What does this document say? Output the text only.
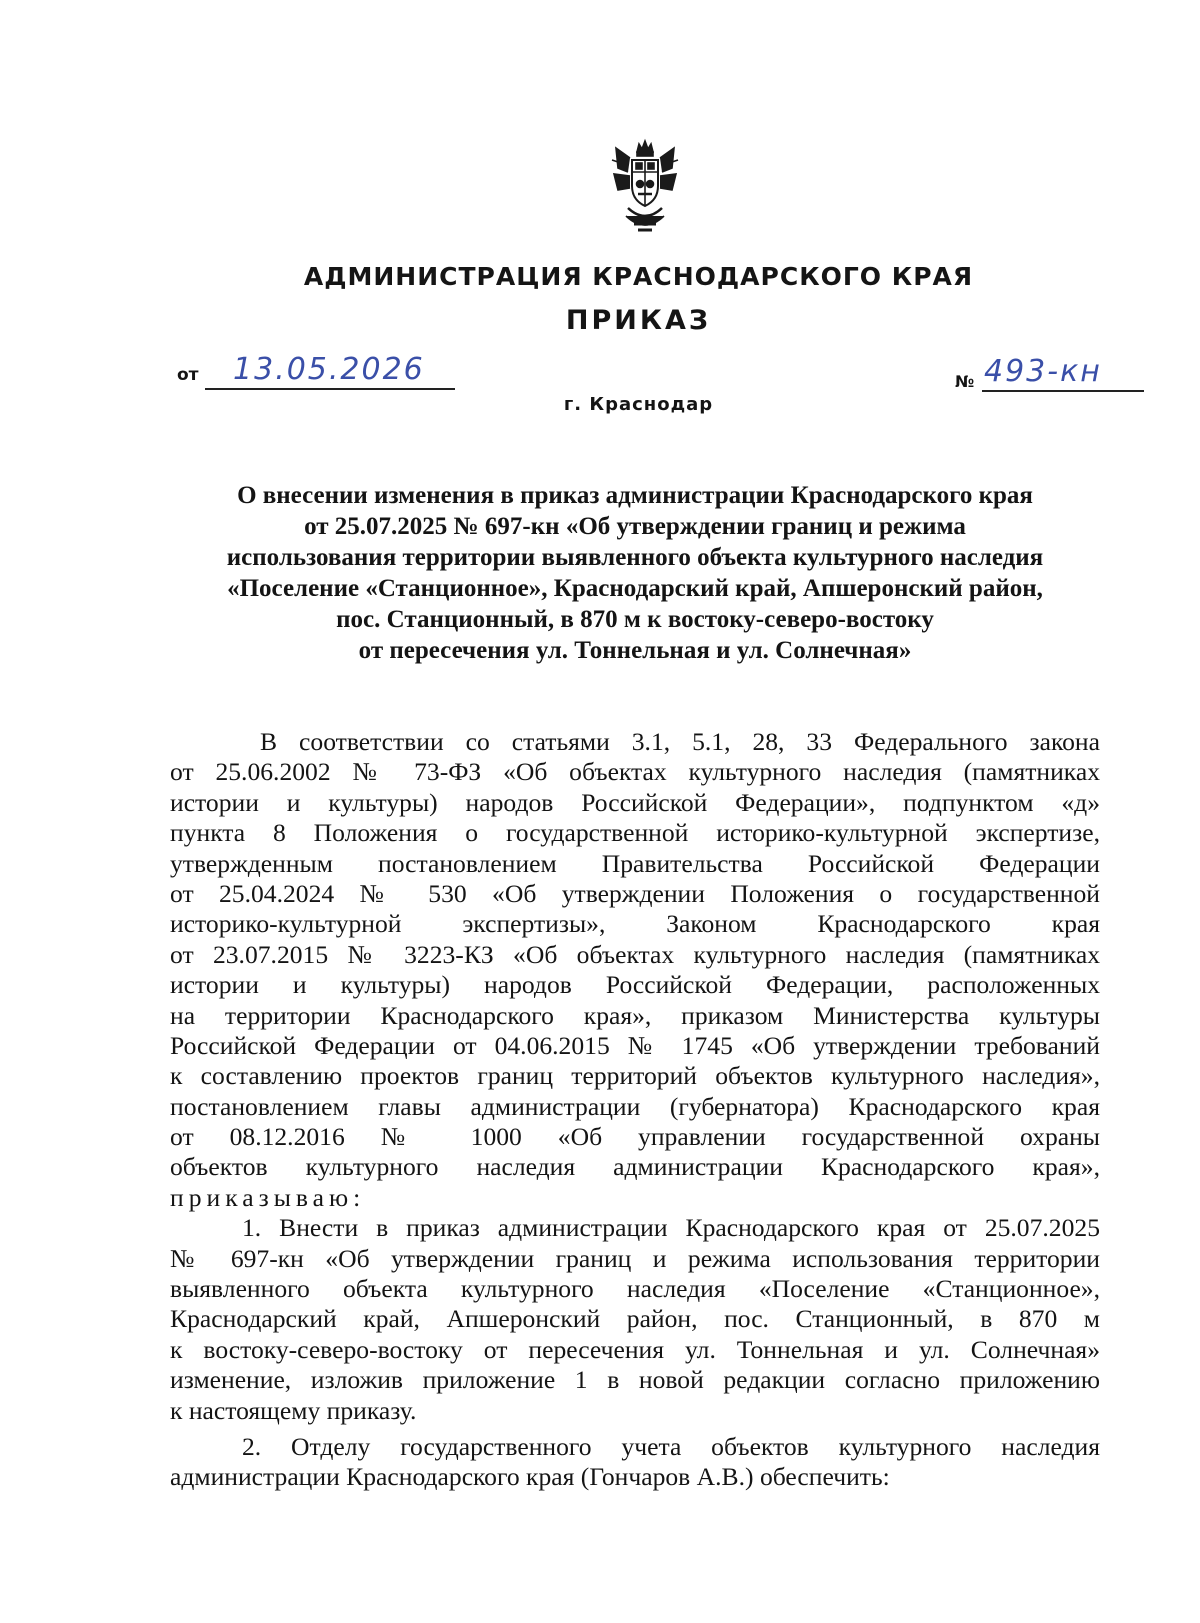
АДМИНИСТРАЦИЯ КРАСНОДАРСКОГО КРАЯ
ПРИКАЗ
от 13.05.2026	№ 493-кн
г. Краснодар
О внесении изменения в приказ администрации Краснодарского края
от 25.07.2025 № 697-кн «Об утверждении границ и режима
использования территории выявленного объекта культурного наследия
«Поселение «Станционное», Краснодарский край, Апшеронский район,
пос. Станционный, в 870 м к востоку-северо-востоку
от пересечения ул. Тоннельная и ул. Солнечная»
В соответствии со статьями 3.1, 5.1, 28, 33 Федерального закона
от 25.06.2002 № 73-ФЗ «Об объектах культурного наследия (памятниках
истории и культуры) народов Российской Федерации», подпунктом «д»
пункта 8 Положения о государственной историко-культурной экспертизе,
утвержденным постановлением Правительства Российской Федерации
от 25.04.2024 № 530 «Об утверждении Положения о государственной
историко-культурной экспертизы», Законом Краснодарского края
от 23.07.2015 № 3223-КЗ «Об объектах культурного наследия (памятниках
истории и культуры) народов Российской Федерации, расположенных
на территории Краснодарского края», приказом Министерства культуры
Российской Федерации от 04.06.2015 № 1745 «Об утверждении требований
к составлению проектов границ территорий объектов культурного наследия»,
постановлением главы администрации (губернатора) Краснодарского края
от 08.12.2016 № 1000 «Об управлении государственной охраны
объектов культурного наследия администрации Краснодарского края»,
приказываю:
1. Внести в приказ администрации Краснодарского края от 25.07.2025
№ 697-кн «Об утверждении границ и режима использования территории
выявленного объекта культурного наследия «Поселение «Станционное»,
Краснодарский край, Апшеронский район, пос. Станционный, в 870 м
к востоку-северо-востоку от пересечения ул. Тоннельная и ул. Солнечная»
изменение, изложив приложение 1 в новой редакции согласно приложению
к настоящему приказу.
2. Отделу государственного учета объектов культурного наследия
администрации Краснодарского края (Гончаров А.В.) обеспечить:
